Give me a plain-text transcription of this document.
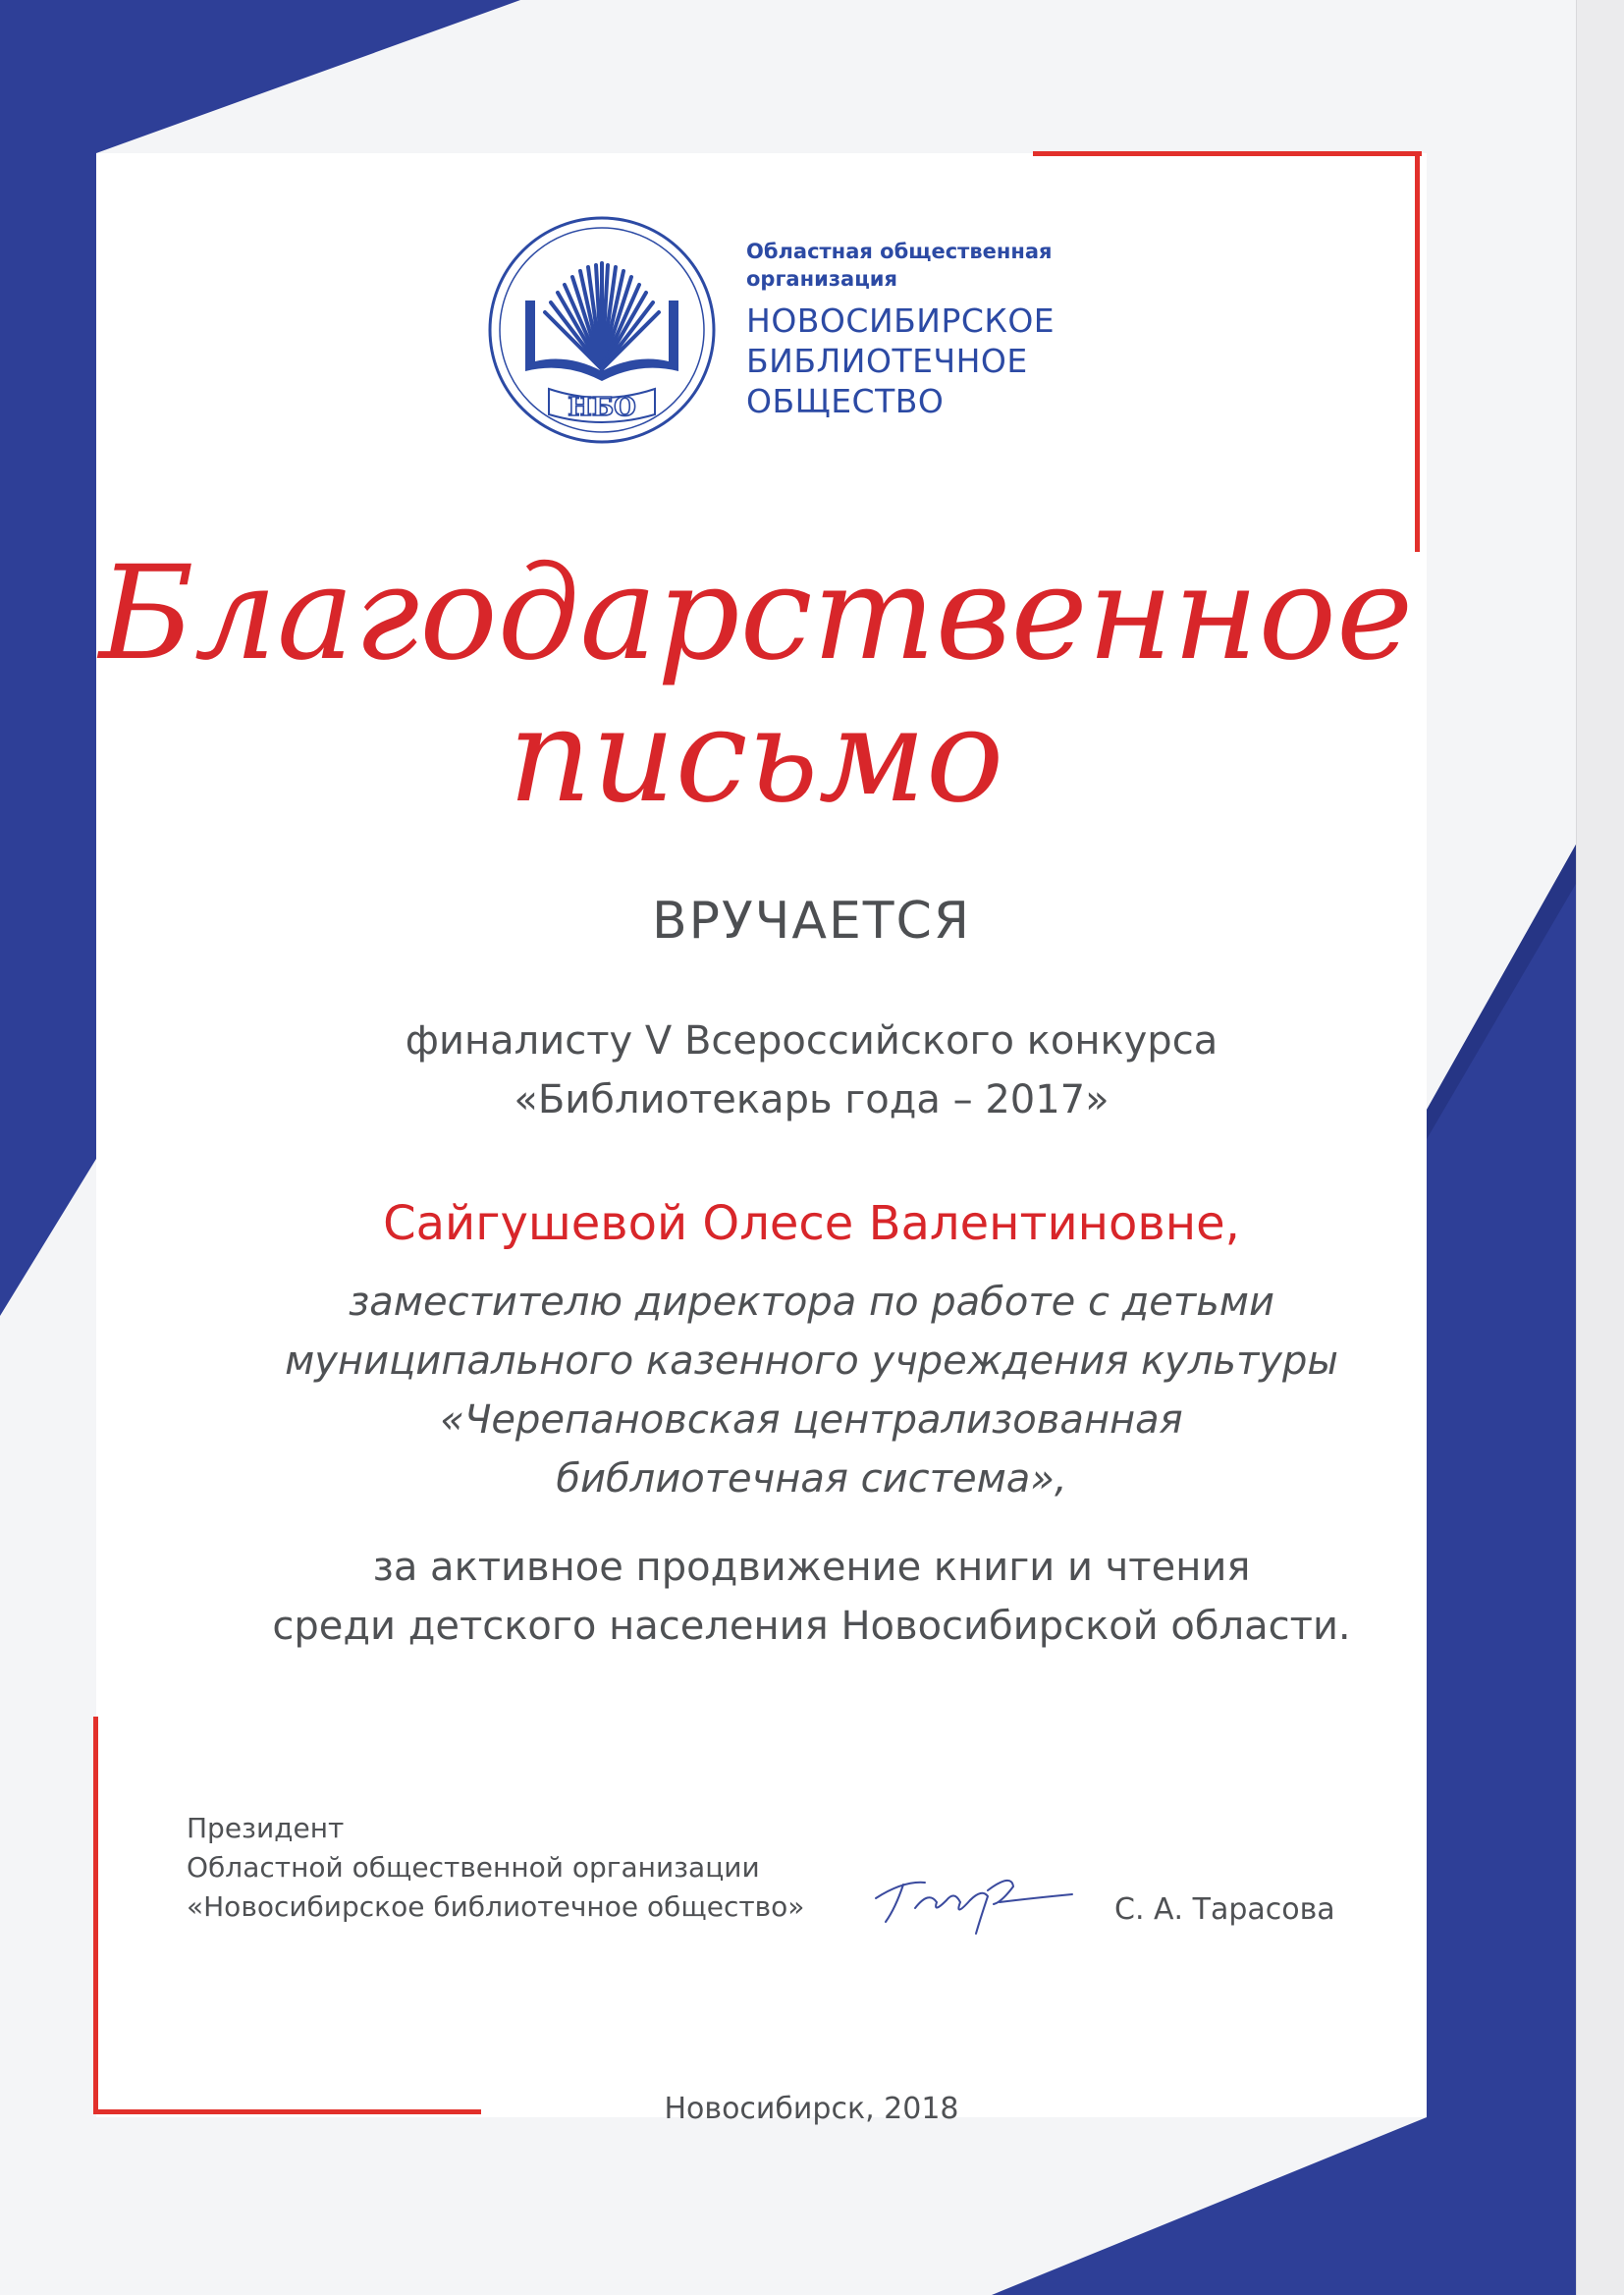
НБО
Областная общественная
организация
НОВОСИБИРСКОЕ
БИБЛИОТЕЧНОЕ
ОБЩЕСТВО
Благодарственное
письмо
ВРУЧАЕТСЯ
финалисту V Всероссийского конкурса
«Библиотекарь года – 2017»
Сайгушевой Олесе Валентиновне,
заместителю директора по работе с детьми
муниципального казенного учреждения культуры
«Черепановская централизованная
библиотечная система»,
за активное продвижение книги и чтения
среди детского населения Новосибирской области.
Президент
Областной общественной организации
«Новосибирское библиотечное общество»	С. А. Тарасова
Новосибирск, 2018
